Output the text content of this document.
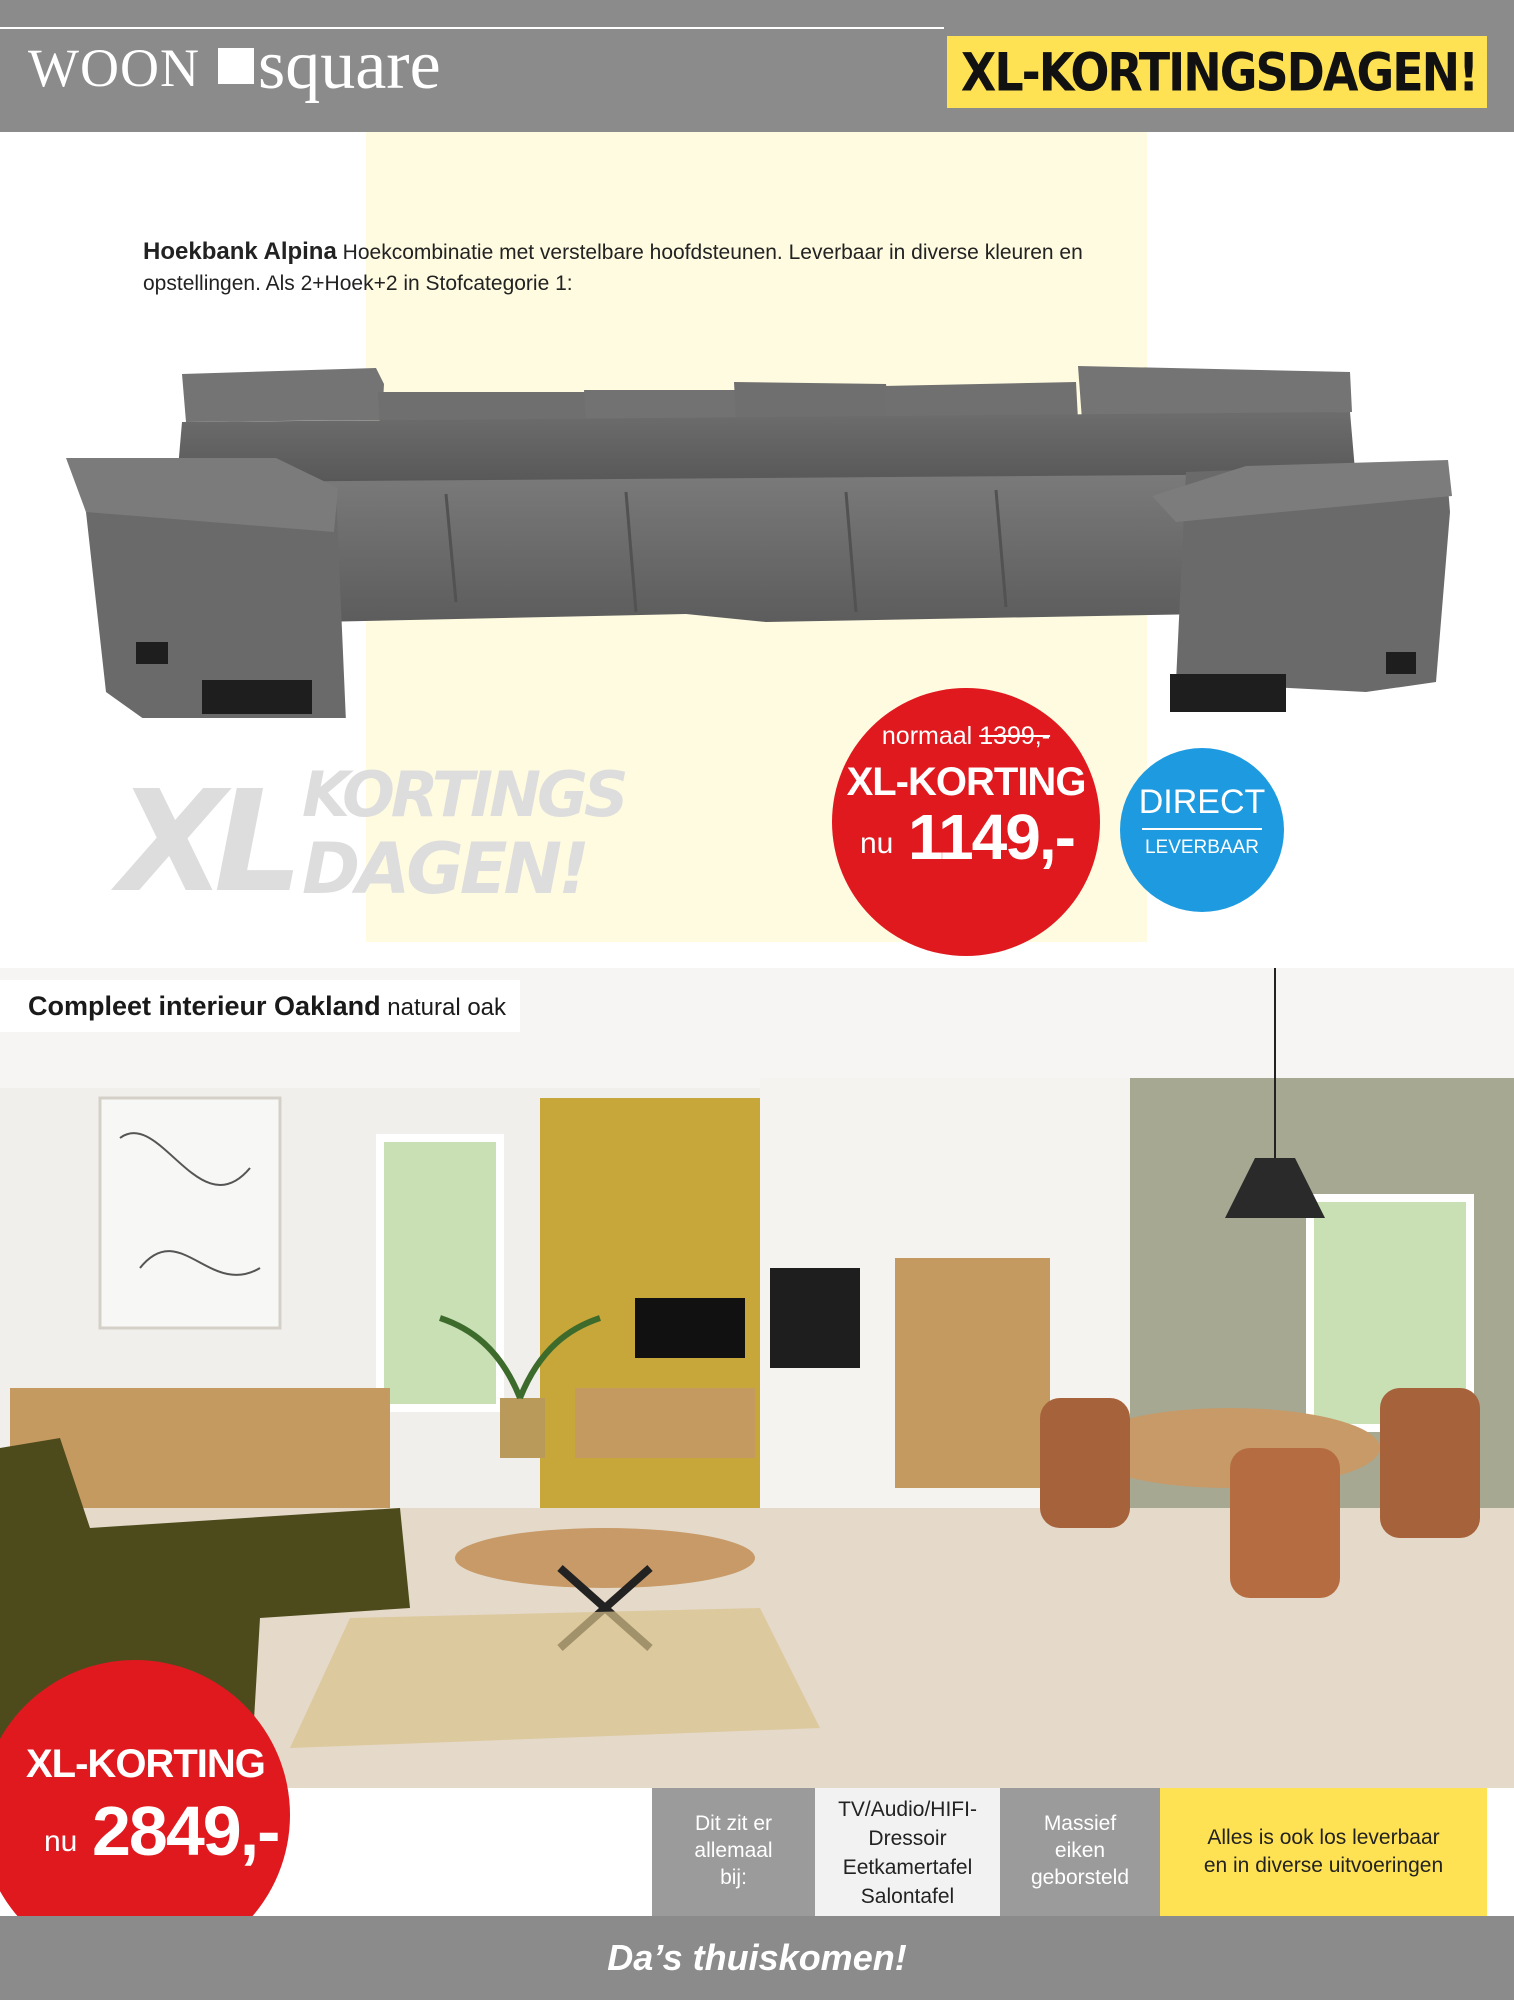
WOON square	XL-KORTINGSDAGEN!
Hoekbank Alpina Hoekcombinatie met verstelbare hoofdsteunen. Leverbaar in diverse kleuren en opstellingen. Als 2+Hoek+2 in Stofcategorie 1:
XL KORTINGS
DAGEN!
normaal 1399,-
XL-KORTING
nu 1149,-	DIRECT
LEVERBAAR
Compleet interieur Oakland natural oak
XL-KORTING
nu 2849,-	Dit zit er
allemaal
bij:
TV/Audio/HIFI-
Dressoir
Eetkamertafel
Salontafel
Massief
eiken
geborsteld
Alles is ook los leverbaar
en in diverse uitvoeringen
Da’s thuiskomen!
